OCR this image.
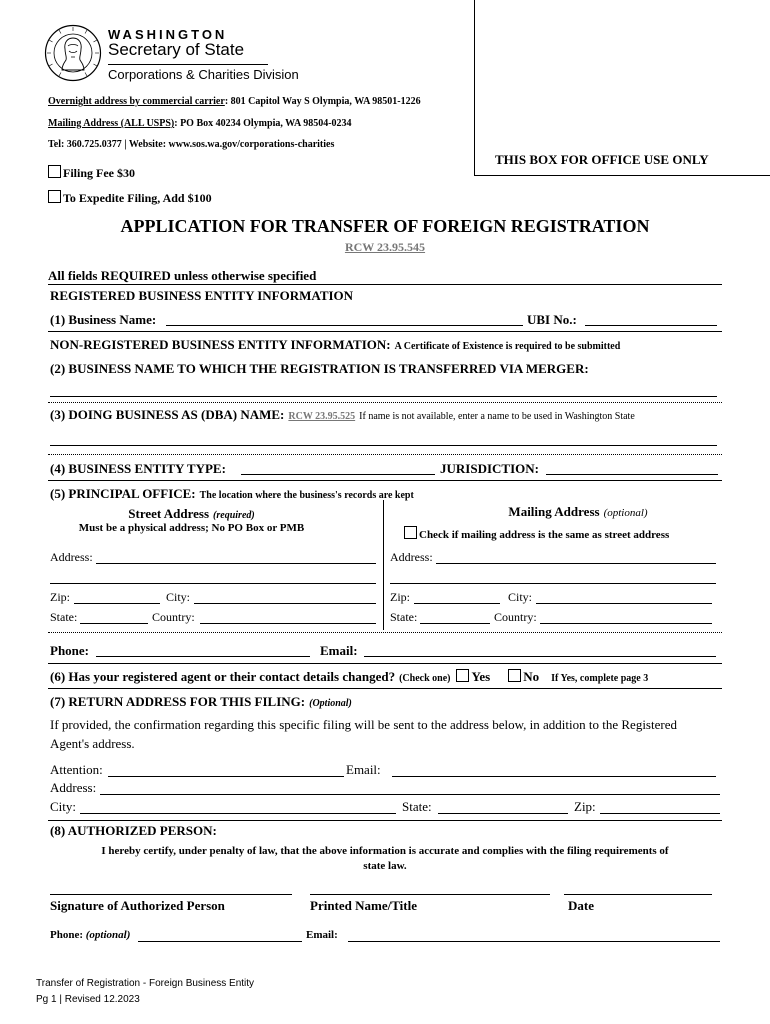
THIS BOX FOR OFFICE USE ONLY
WASHINGTON
Secretary of State
Corporations & Charities Division
Overnight address by commercial carrier: 801 Capitol Way S Olympia, WA 98501-1226
Mailing Address (ALL USPS): PO Box 40234 Olympia, WA 98504-0234
Tel: 360.725.0377 | Website: www.sos.wa.gov/corporations-charities
Filing Fee $30
To Expedite Filing, Add $100
APPLICATION FOR TRANSFER OF FOREIGN REGISTRATION
RCW 23.95.545
All fields REQUIRED unless otherwise specified
REGISTERED BUSINESS ENTITY INFORMATION
(1) Business Name:	UBI No.:
NON-REGISTERED BUSINESS ENTITY INFORMATION: A Certificate of Existence is required to be submitted
(2) BUSINESS NAME TO WHICH THE REGISTRATION IS TRANSFERRED VIA MERGER:
(3) DOING BUSINESS AS (DBA) NAME: RCW 23.95.525 If name is not available, enter a name to be used in Washington State
(4) BUSINESS ENTITY TYPE:	JURISDICTION:
(5) PRINCIPAL OFFICE: The location where the business's records are kept
Street Address (required)
Must be a physical address; No PO Box or PMB
Mailing Address (optional)
Check if mailing address is the same as street address
Address:
Zip:	City:
State:	Country:
Address:
Zip:	City:
State:	Country:
Phone:	Email:
(6) Has your registered agent or their contact details changed? (Check one) Yes	No If Yes, complete page 3
(7) RETURN ADDRESS FOR THIS FILING: (Optional)
If provided, the confirmation regarding this specific filing will be sent to the address below, in addition to the Registered
Agent's address.
Attention:	Email:
Address:
City:	State:	Zip:
(8) AUTHORIZED PERSON:
I hereby certify, under penalty of law, that the above information is accurate and complies with the filing requirements of
state law.
Signature of Authorized Person	Printed Name/Title	Date
Phone: (optional)	Email:
Transfer of Registration - Foreign Business Entity
Pg 1 | Revised 12.2023
